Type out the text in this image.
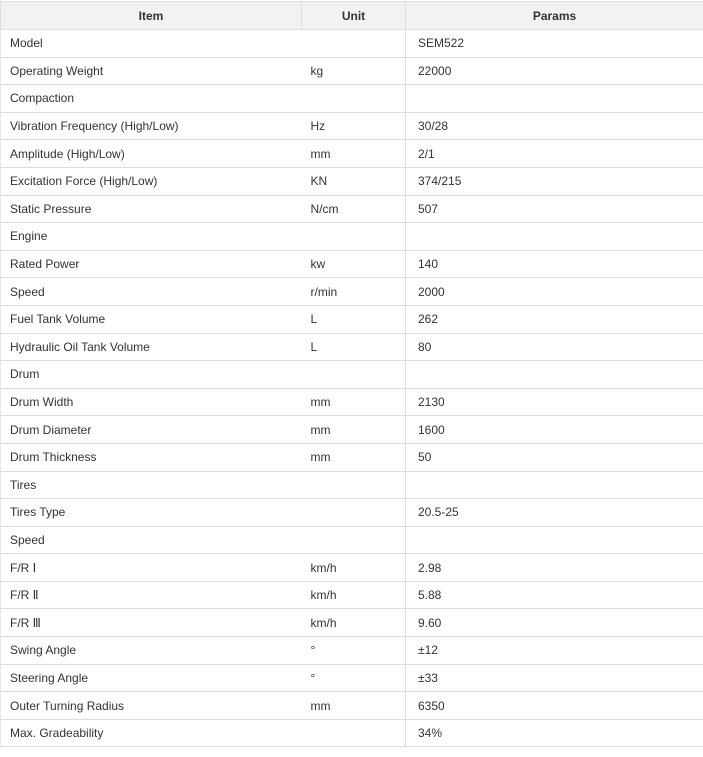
Item	Unit	Params
Model		SEM522
Operating Weight	kg	22000
Compaction		
Vibration Frequency (High/Low)	Hz	30/28
Amplitude (High/Low)	mm	2/1
Excitation Force (High/Low)	KN	374/215
Static Pressure	N/cm	507
Engine		
Rated Power	kw	140
Speed	r/min	2000
Fuel Tank Volume	L	262
Hydraulic Oil Tank Volume	L	80
Drum		
Drum Width	mm	2130
Drum Diameter	mm	1600
Drum Thickness	mm	50
Tires		
Tires Type		20.5-25
Speed		
F/R Ⅰ	km/h	2.98
F/R Ⅱ	km/h	5.88
F/R Ⅲ	km/h	9.60
Swing Angle	°	±12
Steering Angle	°	±33
Outer Turning Radius	mm	6350
Max. Gradeability		34%
